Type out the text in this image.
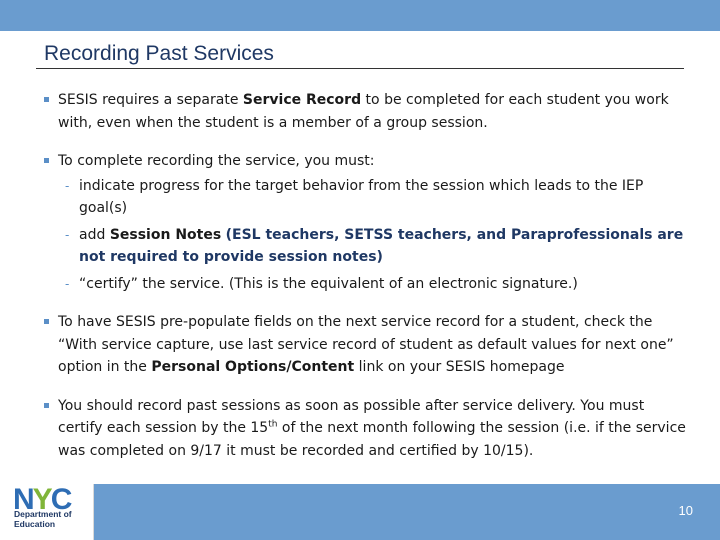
Recording Past Services
SESIS requires a separate Service Record to be completed for each student you work with, even when the student is a member of a group session.
To complete recording the service, you must:
- indicate progress for the target behavior from the session which leads to the IEP goal(s)
- add Session Notes (ESL teachers, SETSS teachers, and Paraprofessionals are not required to provide session notes)
- “certify” the service. (This is the equivalent of an electronic signature.)
To have SESIS pre-populate fields on the next service record for a student, check the “With service capture, use last service record of student as default values for next one” option in the Personal Options/Content link on your SESIS homepage
You should record past sessions as soon as possible after service delivery. You must certify each session by the 15th of the next month following the session (i.e. if the service was completed on 9/17 it must be recorded and certified by 10/15).
NYC
Department of
Education
10
